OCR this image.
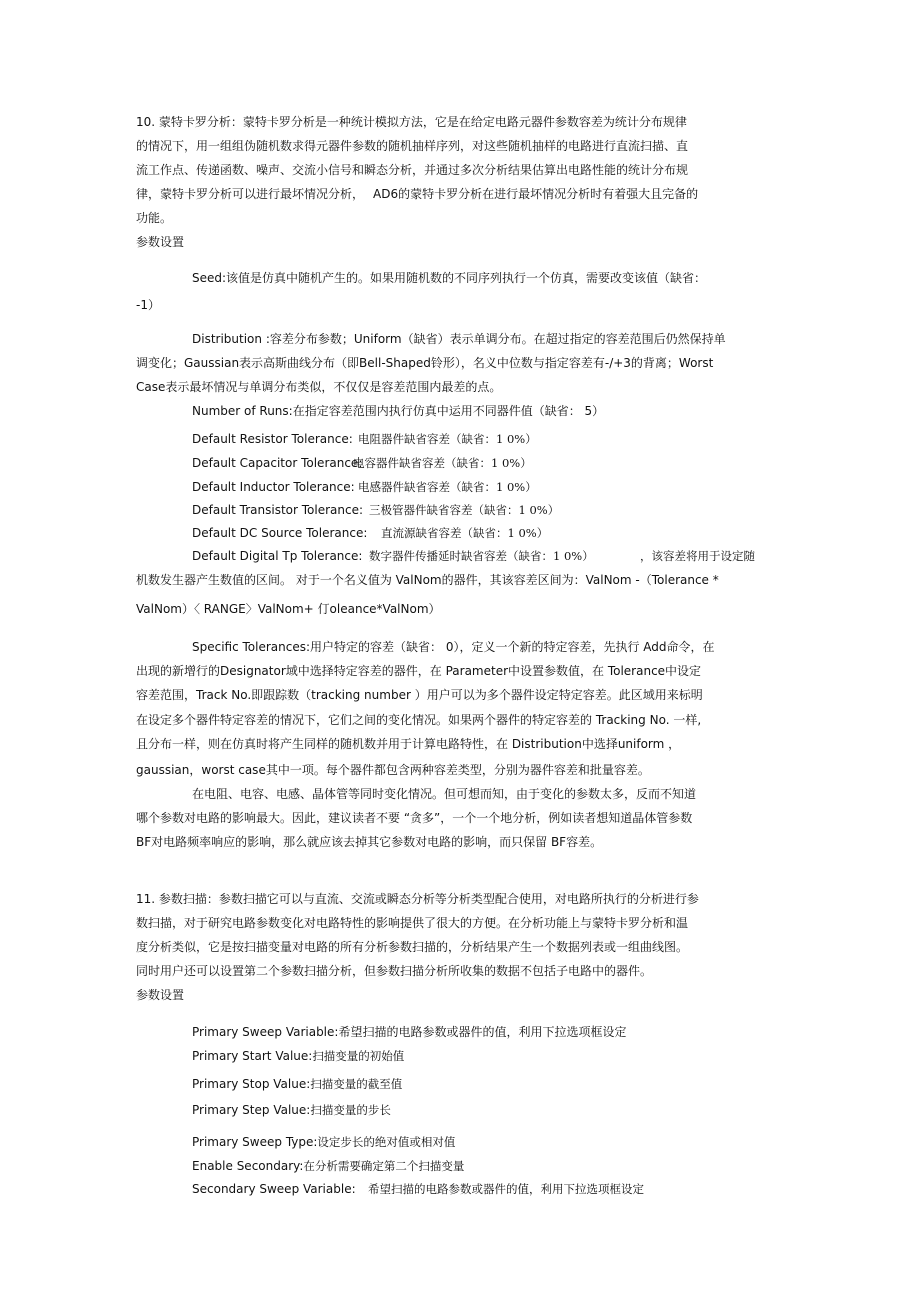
10. 蒙特卡罗分析：蒙特卡罗分析是一种统计模拟方法，它是在给定电路元器件参数容差为统计分布规律
的情况下，用一组组伪随机数求得元器件参数的随机抽样序列，对这些随机抽样的电路进行直流扫描、直
流工作点、传递函数、噪声、交流小信号和瞬态分析，并通过多次分析结果估算出电路性能的统计分布规
律，蒙特卡罗分析可以进行最坏情况分析， AD6的蒙特卡罗分析在进行最坏情况分析时有着强大且完备的
功能。
参数设置
Seed:该值是仿真中随机产生的。如果用随机数的不同序列执行一个仿真，需要改变该值（缺省：
-1）
Distribution :容差分布参数；Uniform（缺省）表示单调分布。在超过指定的容差范围后仍然保持单
调变化；Gaussian表示高斯曲线分布（即Bell-Shaped铃形），名义中位数与指定容差有-/+3的背离；Worst
Case表示最坏情况与单调分布类似，不仅仅是容差范围内最差的点。
Number of Runs:在指定容差范围内执行仿真中运用不同器件值（缺省： 5）
Default Resistor Tolerance: 电阻器件缺省容差（缺省：1 0%）
Default Capacitor Tolerance:
电容器件缺省容差（缺省：1 0%）
Default Inductor Tolerance: 电感器件缺省容差（缺省：1 0%）
Default Transistor Tolerance: 三极管器件缺省容差（缺省：1 0%）
Default DC Source Tolerance: 直流源缺省容差（缺省：1 0%）
Default Digital Tp Tolerance: 数字器件传播延时缺省容差（缺省：1 0%）	，该容差将用于设定随
机数发生器产生数值的区间。 对于一个名义值为 ValNom的器件，其该容差区间为：ValNom -（Tolerance *
ValNom）〈 RANGE〉ValNom+ 仃oleance*ValNom）
Specific Tolerances:用户特定的容差（缺省： 0），定义一个新的特定容差，先执行 Add命令，在
出现的新增行的Designator域中选择特定容差的器件，在 Parameter中设置参数值，在 Tolerance中设定
容差范围，Track No.即跟踪数（tracking number ）用户可以为多个器件设定特定容差。此区域用来标明
在设定多个器件特定容差的情况下，它们之间的变化情况。如果两个器件的特定容差的 Tracking No. 一样,
且分布一样，则在仿真时将产生同样的随机数并用于计算电路特性，在 Distribution中选择uniform ，
gaussian，worst case其中一项。每个器件都包含两种容差类型，分别为器件容差和批量容差。
在电阻、电容、电感、晶体管等同时变化情况。但可想而知，由于变化的参数太多，反而不知道
哪个参数对电路的影响最大。因此，建议读者不要 “贪多”，一个一个地分析，例如读者想知道晶体管参数
BF对电路频率响应的影响，那么就应该去掉其它参数对电路的影响，而只保留 BF容差。
11. 参数扫描：参数扫描它可以与直流、交流或瞬态分析等分析类型配合使用，对电路所执行的分析进行参
数扫描，对于研究电路参数变化对电路特性的影响提供了很大的方便。在分析功能上与蒙特卡罗分析和温
度分析类似，它是按扫描变量对电路的所有分析参数扫描的，分析结果产生一个数据列表或一组曲线图。
同时用户还可以设置第二个参数扫描分析，但参数扫描分析所收集的数据不包括子电路中的器件。
参数设置
Primary Sweep Variable:希望扫描的电路参数或器件的值，利用下拉选项框设定
Primary Start Value:扫描变量的初始值
Primary Stop Value:扫描变量的截至值
Primary Step Value:扫描变量的步长
Primary Sweep Type:设定步长的绝对值或相对值
Enable Secondary:在分析需要确定第二个扫描变量
Secondary Sweep Variable: 希望扫描的电路参数或器件的值，利用下拉选项框设定
